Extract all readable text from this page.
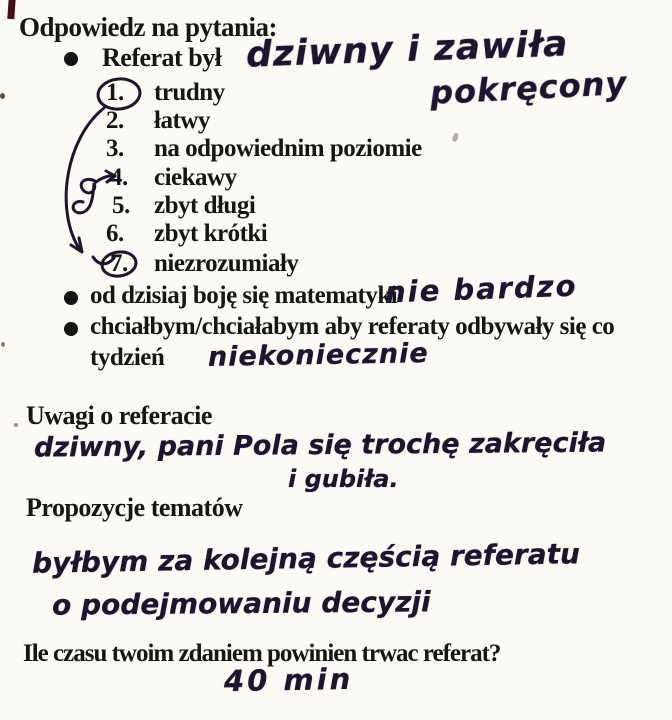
Odpowiedz na pytania:
Referat był dziwny i zawiła
pokręcony
1.	trudny
2.	łatwy
3.	na odpowiednim poziomie
4.	ciekawy
5. zbyt długi
6.	zbyt krótki
7.	niezrozumiały
od dzisiaj boję się matematyki
nie bardzo
chciałbym/chciałabym aby referaty odbywały się co
tydzień niekoniecznie
Uwagi o referacie
dziwny, pani Pola się trochę zakręciła
i gubiła.
Propozycje tematów
byłbym za kolejną częścią referatu
o podejmowaniu decyzji
Ile czasu twoim zdaniem powinien trwac referat?
40 min
